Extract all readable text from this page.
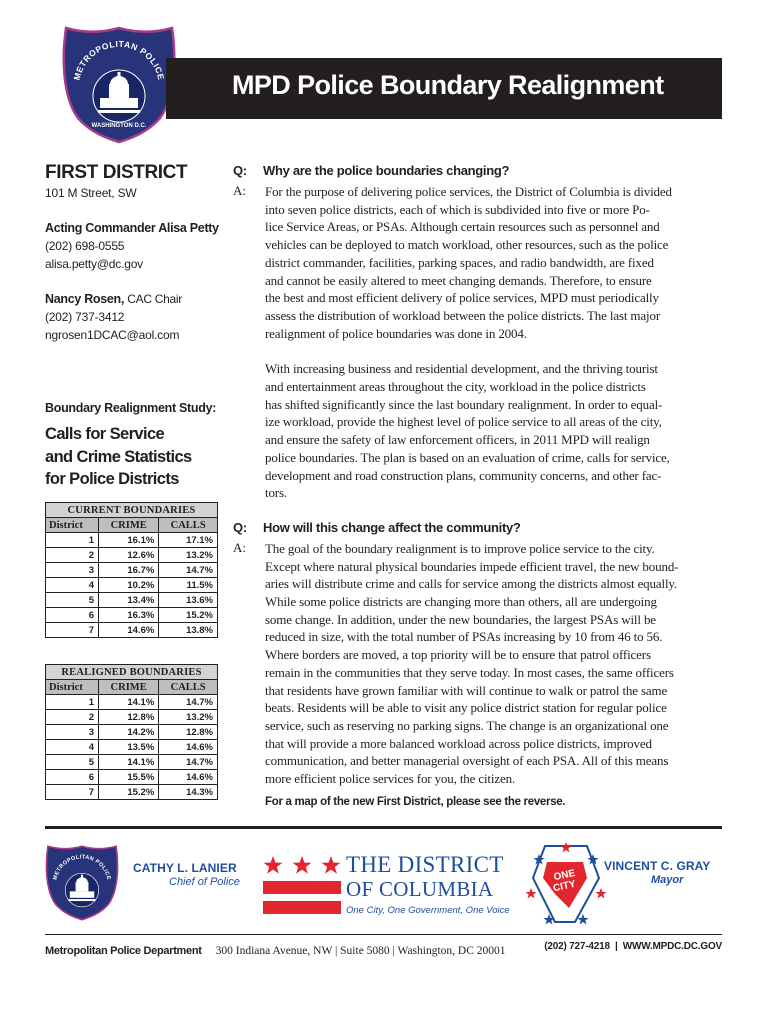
METROPOLITAN POLICE
WASHINGTON D.C.
MPD Police Boundary Realignment
FIRST DISTRICT
101 M Street, SW
Acting Commander Alisa Petty
(202) 698-0555
alisa.petty@dc.gov
Nancy Rosen, CAC Chair
(202) 737-3412
ngrosen1DCAC@aol.com
Boundary Realignment Study:
Calls for Service
and Crime Statistics
for Police Districts
CURRENT BOUNDARIES		
District	CRIME	CALLS
1	16.1%	17.1%
2	12.6%	13.2%
3	16.7%	14.7%
4	10.2%	11.5%
5	13.4%	13.6%
6	16.3%	15.2%
7	14.6%	13.8%
REALIGNED BOUNDARIES		
District	CRIME	CALLS
1	14.1%	14.7%
2	12.8%	13.2%
3	14.2%	12.8%
4	13.5%	14.6%
5	14.1%	14.7%
6	15.5%	14.6%
7	15.2%	14.3%
Q: Why are the police boundaries changing?
A: For the purpose of delivering police services, the District of Columbia is divided
into seven police districts, each of which is subdivided into five or more Po-
lice Service Areas, or PSAs. Although certain resources such as personnel and
vehicles can be deployed to match workload, other resources, such as the police
district commander, facilities, parking spaces, and radio bandwidth, are fixed
and cannot be easily altered to meet changing demands. Therefore, to ensure
the best and most efficient delivery of police services, MPD must periodically
assess the distribution of workload between the police districts. The last major
realignment of police boundaries was done in 2004.
With increasing business and residential development, and the thriving tourist
and entertainment areas throughout the city, workload in the police districts
has shifted significantly since the last boundary realignment. In order to equal-
ize workload, provide the highest level of police service to all areas of the city,
and ensure the safety of law enforcement officers, in 2011 MPD will realign
police boundaries. The plan is based on an evaluation of crime, calls for service,
development and road construction plans, community concerns, and other fac-
tors.
Q: How will this change affect the community?
A: The goal of the boundary realignment is to improve police service to the city.
Except where natural physical boundaries impede efficient travel, the new bound-
aries will distribute crime and calls for service among the districts almost equally.
While some police districts are changing more than others, all are undergoing
some change. In addition, under the new boundaries, the largest PSAs will be
reduced in size, with the total number of PSAs increasing by 10 from 46 to 56.
Where borders are moved, a top priority will be to ensure that patrol officers
remain in the communities that they serve today. In most cases, the same officers
that residents have grown familiar with will continue to walk or patrol the same
beats. Residents will be able to visit any police district station for regular police
service, such as reserving no parking signs. The change is an organizational one
that will provide a more balanced workload across police districts, improved
communication, and better managerial oversight of each PSA. All of this means
more efficient police services for you, the citizen.
For a map of the new First District, please see the reverse.
METROPOLITAN POLICE
CATHY L. LANIER
Chief of Police
THE DISTRICT
OF COLUMBIA
One City, One Government, One Voice
ONE
CITY
VINCENT C. GRAY
Mayor
Metropolitan Police Department 300 Indiana Avenue, NW | Suite 5080 | Washington, DC 20001	(202) 727-4218 | WWW.MPDC.DC.GOV
